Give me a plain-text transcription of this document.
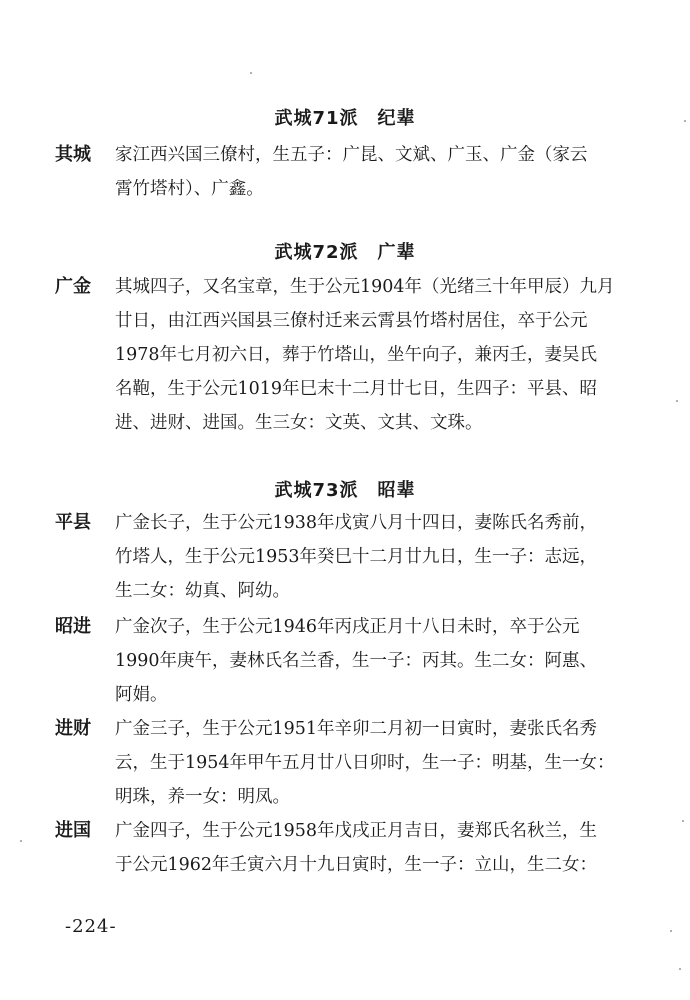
武城71派　纪辈
其城	家江西兴国三僚村，生五子：广昆、文斌、广玉、广金（家云
霄竹塔村）、广鑫。
武城72派　广辈
广金	其城四子，又名宝章，生于公元1904年（光绪三十年甲辰）九月
廿日，由江西兴国县三僚村迁来云霄县竹塔村居住，卒于公元
1978年七月初六日，葬于竹塔山，坐午向子，兼丙壬，妻吴氏
名鞄，生于公元1019年巳末十二月廿七日，生四子：平县、昭
进、进财、进国。生三女：文英、文其、文珠。
武城73派　昭辈
平县	广金长子，生于公元1938年戊寅八月十四日，妻陈氏名秀前，
竹塔人，生于公元1953年癸巳十二月廿九日，生一子：志远，
生二女：幼真、阿幼。
昭进	广金次子，生于公元1946年丙戌正月十八日未时，卒于公元
1990年庚午，妻林氏名兰香，生一子：丙其。生二女：阿惠、
阿娟。
进财	广金三子，生于公元1951年辛卯二月初一日寅时，妻张氏名秀
云，生于1954年甲午五月廿八日卯时，生一子：明基，生一女：
明珠，养一女：明凤。
进国	广金四子，生于公元1958年戊戌正月吉日，妻郑氏名秋兰，生
于公元1962年壬寅六月十九日寅时，生一子：立山，生二女：
-224-
